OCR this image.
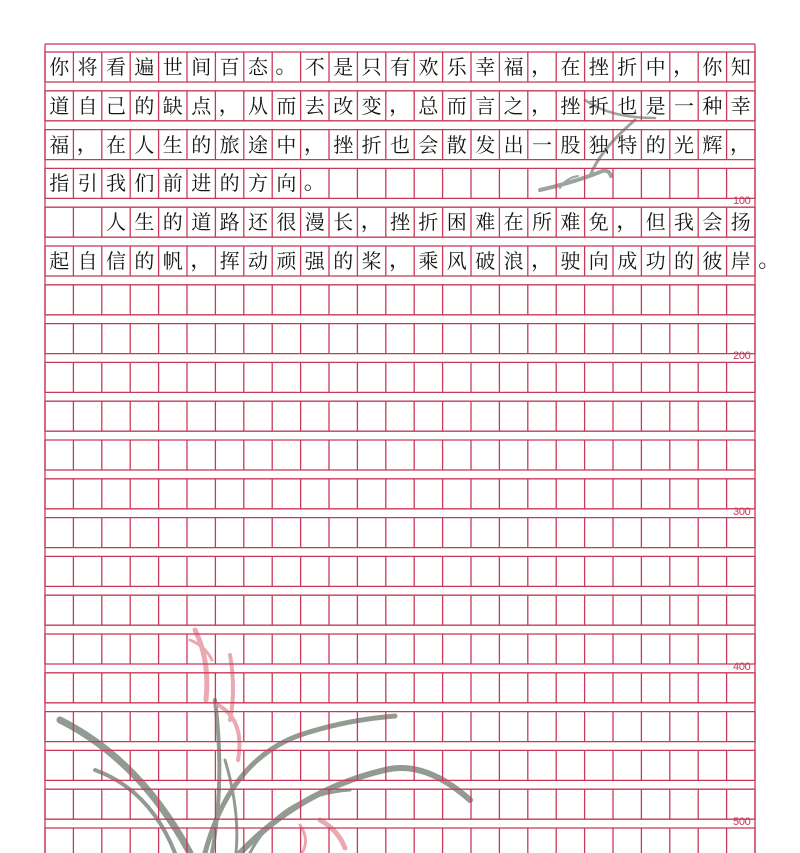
你 将 看 遍 世 间 百 态 。 不 是 只 有 欢 乐 幸 福 ， 在 挫 折 中 ， 你 知
道 自 己 的 缺 点 ， 从 而 去 改 变 ， 总 而 言 之 ， 挫 折 也 是 一 种 幸
福 ， 在 人 生 的 旅 途 中 ， 挫 折 也 会 散 发 出 一 股 独 特 的 光 辉 ，
指 引 我 们 前 进 的 方 向 。
人 生 的 道 路 还 很 漫 长 ， 挫 折 困 难 在 所 难 免 ， 但 我 会 扬
起 自 信 的 帆 ， 挥 动 顽 强 的 桨 ， 乘 风 破 浪 ， 驶 向 成 功 的 彼 岸 。
100
200
300
400
500
